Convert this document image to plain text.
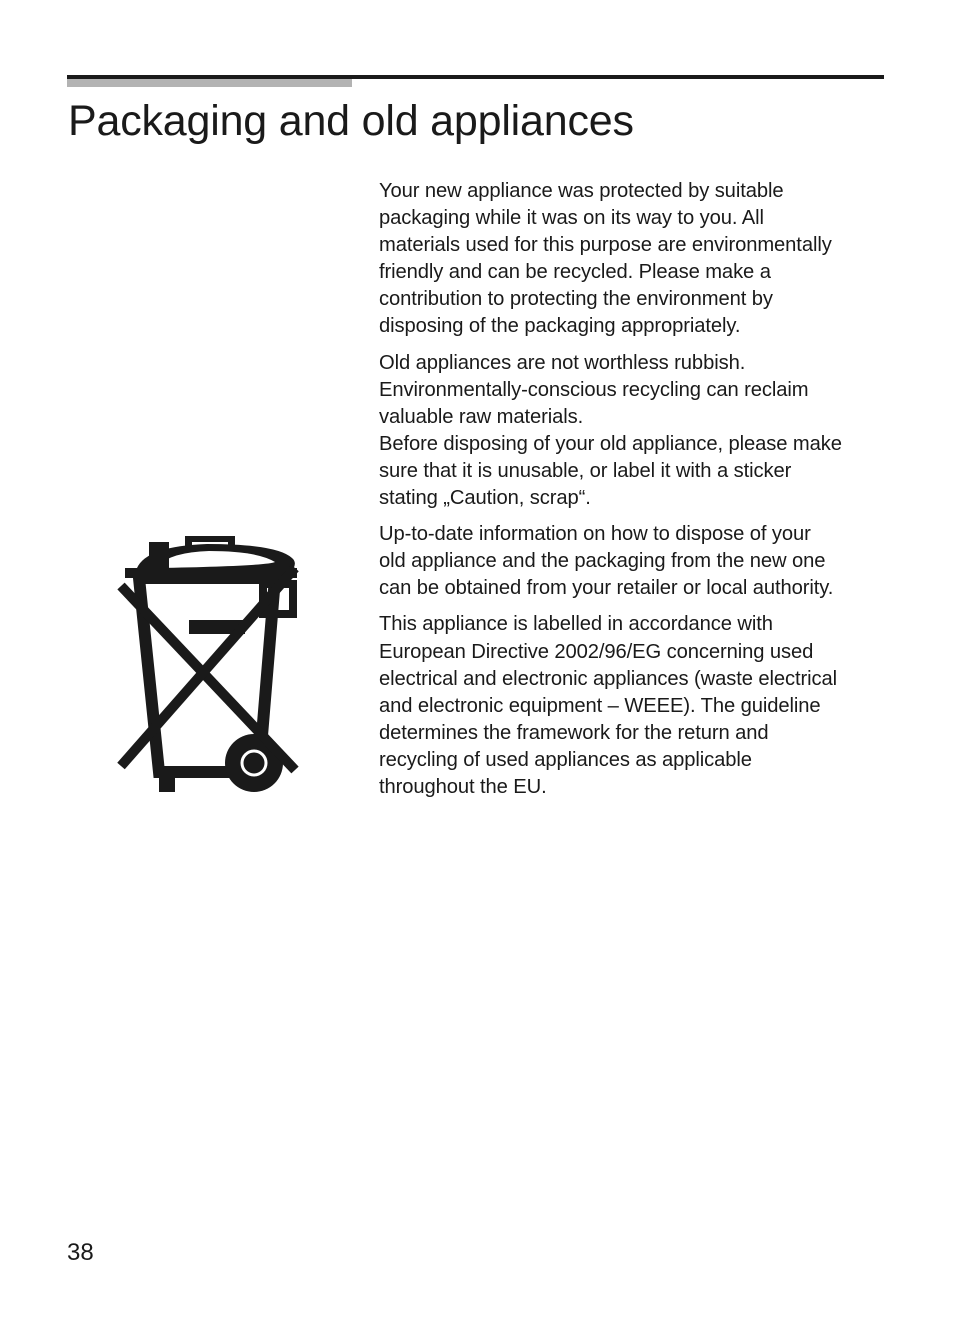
Packaging and old appliances

Your new appliance was protected by suitable
packaging while it was on its way to you. All
materials used for this purpose are environmentally
friendly and can be recycled. Please make a
contribution to protecting the environment by
disposing of the packaging appropriately.

Old appliances are not worthless rubbish.
Environmentally-conscious recycling can reclaim
valuable raw materials.
Before disposing of your old appliance, please make
sure that it is unusable, or label it with a sticker
stating „Caution, scrap“.

Up-to-date information on how to dispose of your
old appliance and the packaging from the new one
can be obtained from your retailer or local authority.

This appliance is labelled in accordance with
European Directive 2002/96/EG concerning used
electrical and electronic appliances (waste electrical
and electronic equipment – WEEE). The guideline
determines the framework for the return and
recycling of used appliances as applicable
throughout the EU.

38
